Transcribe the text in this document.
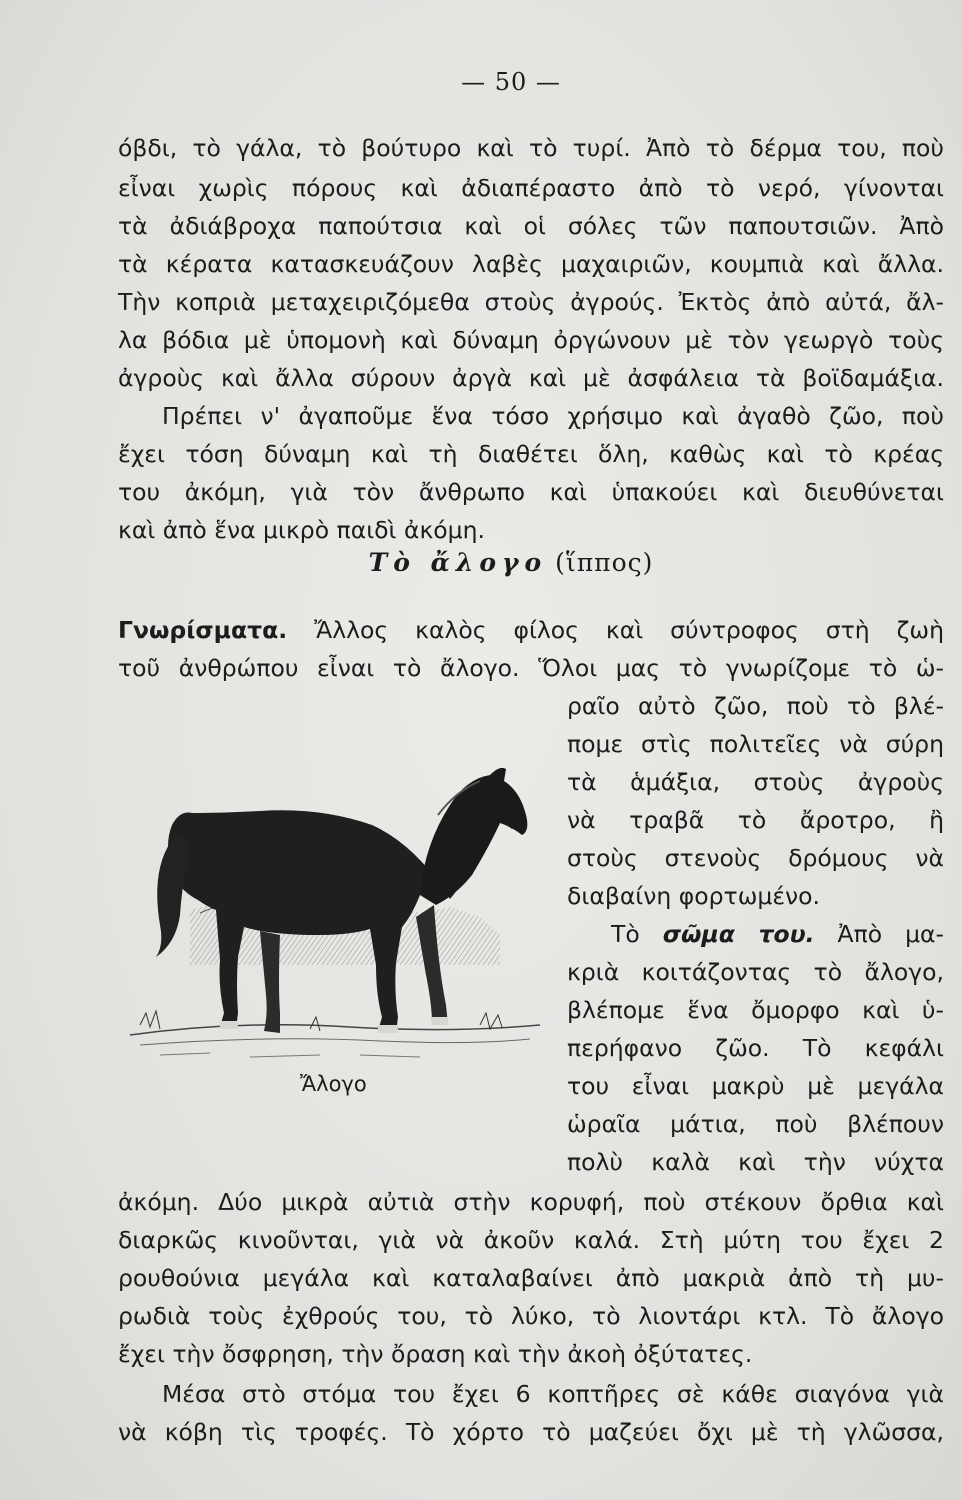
— 50 —
όβδι, τὸ γάλα, τὸ βούτυρο καὶ τὸ τυρί. Ἀπὸ τὸ δέρμα του, ποὺ
εἶναι χωρὶς πόρους καὶ ἀδιαπέραστο ἀπὸ τὸ νερό, γίνονται
τὰ ἀδιάβροχα παπούτσια καὶ οἱ σόλες τῶν παπουτσιῶν. Ἀπὸ
τὰ κέρατα κατασκευάζουν λαβὲς μαχαιριῶν, κουμπιὰ καὶ ἄλλα.
Τὴν κοπριὰ μεταχειριζόμεθα στοὺς ἀγρούς. Ἐκτὸς ἀπὸ αὐτά, ἄλ-
λα βόδια μὲ ὑπομονὴ καὶ δύναμη ὀργώνουν μὲ τὸν γεωργὸ τοὺς
ἀγροὺς καὶ ἄλλα σύρουν ἀργὰ καὶ μὲ ἀσφάλεια τὰ βοϊδαμάξια.
Πρέπει ν' ἀγαποῦμε ἕνα τόσο χρήσιμο καὶ ἀγαθὸ ζῶο, ποὺ
ἔχει τόση δύναμη καὶ τὴ διαθέτει ὅλη, καθὼς καὶ τὸ κρέας
του ἀκόμη, γιὰ τὸν ἄνθρωπο καὶ ὑπακούει καὶ διευθύνεται
καὶ ἀπὸ ἕνα μικρὸ παιδὶ ἀκόμη.
Τὸ ἄλογο (ἵππος)
Γνωρίσματα. Ἄλλος καλὸς φίλος καὶ σύντροφος στὴ ζωὴ
τοῦ ἀνθρώπου εἶναι τὸ ἄλογο. Ὅλοι μας τὸ γνωρίζομε τὸ ὡ-
Ἄλογο
ραῖο αὐτὸ ζῶο, ποὺ τὸ βλέ-
πομε στὶς πολιτεῖες νὰ σύρη
τὰ ἁμάξια, στοὺς ἀγροὺς
νὰ τραβᾶ τὸ ἄροτρο, ἢ
στοὺς στενοὺς δρόμους νὰ
διαβαίνη φορτωμένο.
Τὸ σῶμα του. Ἀπὸ μα-
κριὰ κοιτάζοντας τὸ ἄλογο,
βλέπομε ἕνα ὄμορφο καὶ ὑ-
περήφανο ζῶο. Τὸ κεφάλι
του εἶναι μακρὺ μὲ μεγάλα
ὡραῖα μάτια, ποὺ βλέπουν
πολὺ καλὰ καὶ τὴν νύχτα
ἀκόμη. Δύο μικρὰ αὐτιὰ στὴν κορυφή, ποὺ στέκουν ὄρθια καὶ
διαρκῶς κινοῦνται, γιὰ νὰ ἀκοῦν καλά. Στὴ μύτη του ἔχει 2
ρουθούνια μεγάλα καὶ καταλαβαίνει ἀπὸ μακριὰ ἀπὸ τὴ μυ-
ρωδιὰ τοὺς ἐχθρούς του, τὸ λύκο, τὸ λιοντάρι κτλ. Τὸ ἄλογο
ἔχει τὴν ὄσφρηση, τὴν ὄραση καὶ τὴν ἀκοὴ ὀξύτατες.
Μέσα στὸ στόμα του ἔχει 6 κοπτῆρες σὲ κάθε σιαγόνα γιὰ
νὰ κόβη τὶς τροφές. Τὸ χόρτο τὸ μαζεύει ὄχι μὲ τὴ γλῶσσα,
